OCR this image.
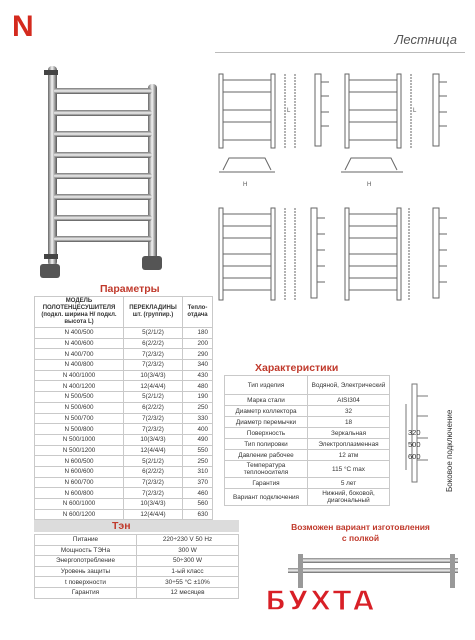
N	Лестница
H	H
L	L
Параметры
МОДЕЛЬ ПОЛОТЕНЦЕСУШИТЕЛЯ (подкл. ширина Н/ подкл. высота L)	ПЕРЕКЛАДИНЫ шт. (группир.)	Тепло-отдача
N 400/500	5(2/1/2)	180
N 400/600	6(2/2/2)	200
N 400/700	7(2/3/2)	290
N 400/800	7(2/3/2)	340
N 400/1000	10(3/4/3)	430
N 400/1200	12(4/4/4)	480
N 500/500	5(2/1/2)	190
N 500/600	6(2/2/2)	250
N 500/700	7(2/3/2)	330
N 500/800	7(2/3/2)	400
N 500/1000	10(3/4/3)	490
N 500/1200	12(4/4/4)	550
N 600/500	5(2/1/2)	250
N 600/600	6(2/2/2)	310
N 600/700	7(2/3/2)	370
N 600/800	7(2/3/2)	460
N 600/1000	10(3/4/3)	560
N 600/1200	12(4/4/4)	630
Характеристики
Тип изделия	Водяной, Электрический
Марка стали	AISI304
Диаметр коллектора	32
Диаметр перемычки	18
Поверхность	Зеркальная
Тип полировки	Электроплазменная
Давление рабочее	12 атм
Температура теплоносителя	115 °C max
Гарантия	5 лет
Вариант подключения	Нижний, боковой, диагональный
320
500
600	Боковое подключение
Тэн
Питание	220÷230 V 50 Hz
Мощность ТЭНа	300 W
Энергопотребление	50÷300 W
Уровень защиты	1-ый класс
t поверхности	30÷55 °C ±10%
Гарантия	12 месяцев
Возможен вариант изготовления
с полкой
БУХТА
